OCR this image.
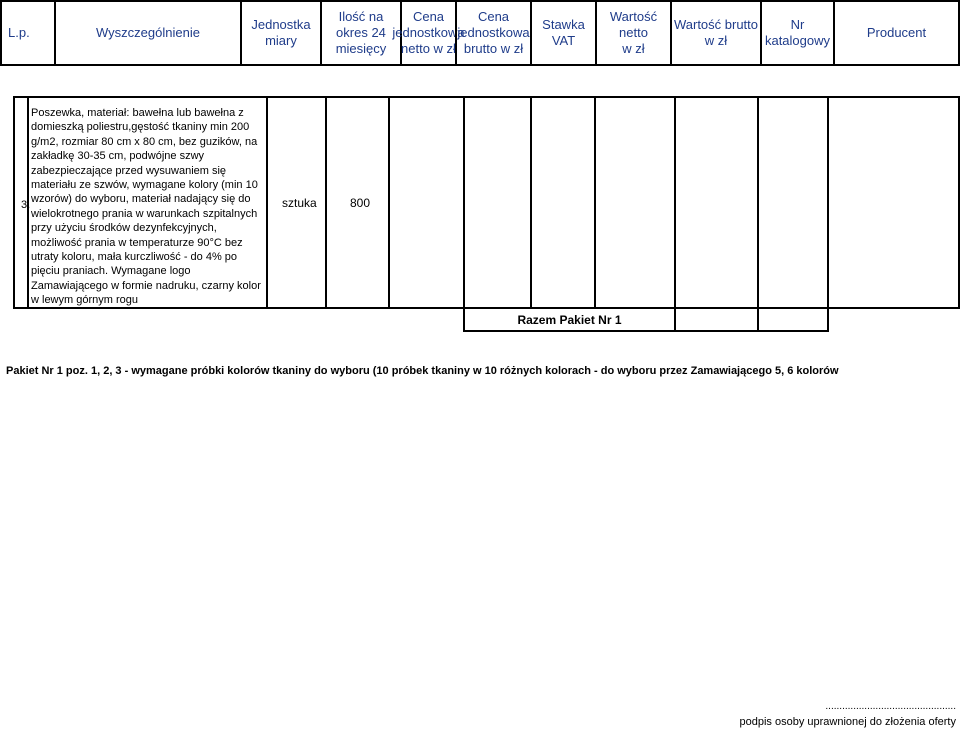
L.p.	Wyszczególnienie
Jednostka
miary
Ilość na
okres 24
miesięcy
Cena
jednostkowa
netto w zł
Cena
jednostkowa
brutto w zł
Stawka
VAT
Wartość netto
w zł
Wartość brutto
w zł
Nr katalogowy
Producent
3.
Poszewka, materiał: bawełna lub bawełna z
domieszką poliestru,gęstość tkaniny min 200
g/m2, rozmiar 80 cm x 80 cm, bez guzików, na
zakładkę 30-35 cm, podwójne szwy
zabezpieczające przed wysuwaniem się
materiału ze szwów, wymagane kolory (min 10
wzorów) do wyboru, materiał nadający się do
wielokrotnego prania w warunkach szpitalnych
przy użyciu środków dezynfekcyjnych,
możliwość prania w temperaturze 90°C bez
utraty koloru, mała kurczliwość - do 4% po
pięciu praniach. Wymagane logo
Zamawiającego w formie nadruku, czarny kolor
w lewym górnym rogu
sztuka	800
Razem Pakiet Nr 1
Pakiet Nr 1 poz. 1, 2, 3 - wymagane próbki kolorów tkaniny do wyboru (10 próbek tkaniny w 10 różnych kolorach - do wyboru przez Zamawiającego 5, 6 kolorów
...............................................
podpis osoby uprawnionej do złożenia oferty
